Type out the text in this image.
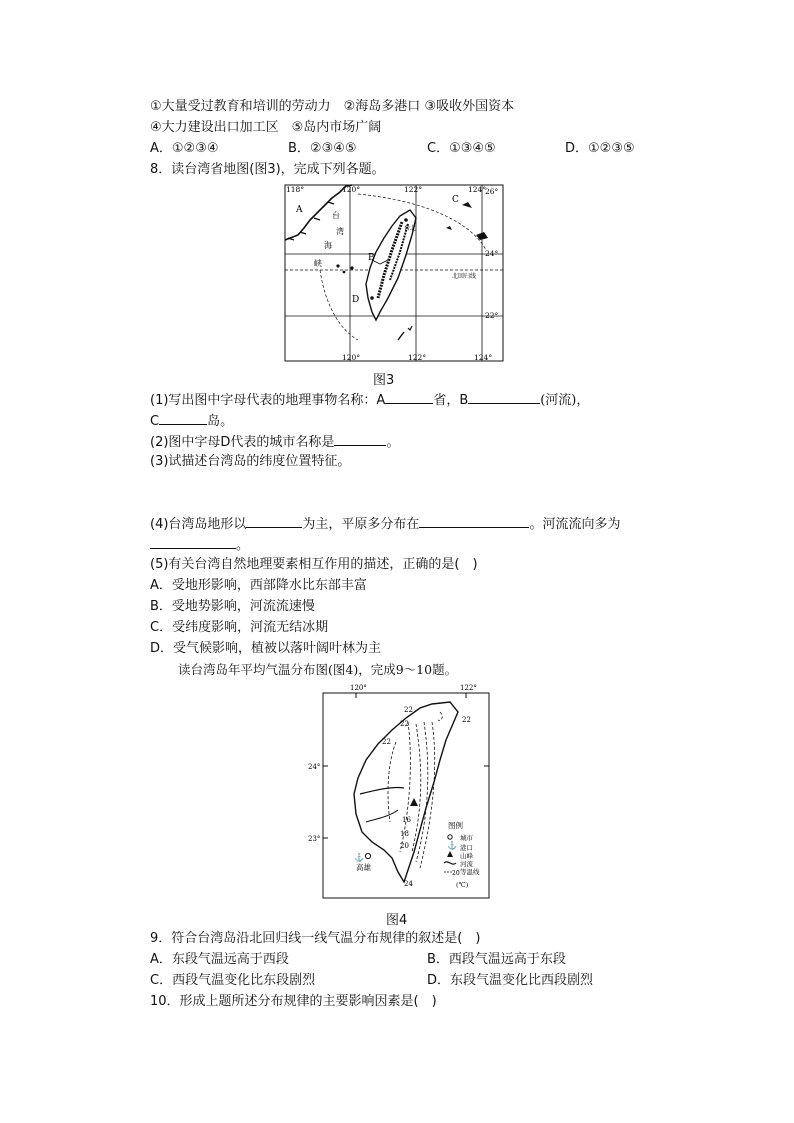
①大量受过教育和培训的劳动力　②海岛多港口 ③吸收外国资本
④大力建设出口加工区　⑤岛内市场广阔
A．①②③④	B．②③④⑤	C．①③④⑤	D．①②③⑤
8．读台湾省地图(图3)，完成下列各题。
118°	120°	122°	124°
120°	122°	124°
26°
24°
22°
A
B
C
D
台
湾
海
峡
台北
北回归线
图3
(1)写出图中字母代表的地理事物名称：A	省，B	(河流)，
C	岛。
(2)图中字母D代表的城市名称是	。
(3)试描述台湾岛的纬度位置特征。
(4)台湾岛地形以	为主，平原多分布在	。河流流向多为
。
(5)有关台湾自然地理要素相互作用的描述，正确的是(　)
A．受地形影响，西部降水比东部丰富
B．受地势影响，河流流速慢
C．受纬度影响，河流无结冰期
D．受气候影响，植被以落叶阔叶林为主
读台湾岛年平均气温分布图(图4)，完成9～10题。
⚓
⚓
120°	122°
24°
23°
22
22	22
22
16
18
20
24
高雄
图例
城市
港口
山峰
河流
等温线
(℃)
20
图4
9．符合台湾岛沿北回归线一线气温分布规律的叙述是(　)
A．东段气温远高于西段	B．西段气温远高于东段
C．西段气温变化比东段剧烈	D．东段气温变化比西段剧烈
10．形成上题所述分布规律的主要影响因素是(　)
